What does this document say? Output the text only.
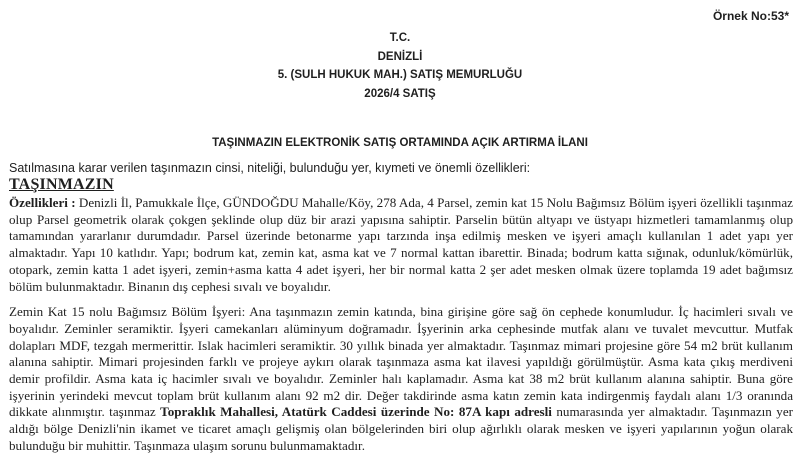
Örnek No:53*
T.C.
DENİZLİ
5. (SULH HUKUK MAH.) SATIŞ MEMURLUĞU
2026/4 SATIŞ
TAŞINMAZIN ELEKTRONİK SATIŞ ORTAMINDA AÇIK ARTIRMA İLANI
Satılmasına karar verilen taşınmazın cinsi, niteliği, bulunduğu yer, kıymeti ve önemli özellikleri:
TAŞINMAZIN

Özellikleri : Denizli İl, Pamukkale İlçe, GÜNDOĞDU Mahalle/Köy, 278 Ada, 4 Parsel, zemin kat 15 Nolu Bağımsız Bölüm işyeri özellikli taşınmaz olup Parsel geometrik olarak çokgen şeklinde olup düz bir arazi yapısına sahiptir. Parselin bütün altyapı ve üstyapı hizmetleri tamamlanmış olup tamamından yararlanır durumdadır. Parsel üzerinde betonarme yapı tarzında inşa edilmiş mesken ve işyeri amaçlı kullanılan 1 adet yapı yer almaktadır. Yapı 10 katlıdır. Yapı; bodrum kat, zemin kat, asma kat ve 7 normal kattan ibarettir. Binada; bodrum katta sığınak, odunluk/kömürlük, otopark, zemin katta 1 adet işyeri, zemin+asma katta 4 adet işyeri, her bir normal katta 2 şer adet mesken olmak üzere toplamda 19 adet bağımsız bölüm bulunmaktadır. Binanın dış cephesi sıvalı ve boyalıdır.

Zemin Kat 15 nolu Bağımsız Bölüm İşyeri: Ana taşınmazın zemin katında, bina girişine göre sağ ön cephede konumludur. İç hacimleri sıvalı ve boyalıdır. Zeminler seramiktir. İşyeri camekanları alüminyum doğramadır. İşyerinin arka cephesinde mutfak alanı ve tuvalet mevcuttur. Mutfak dolapları MDF, tezgah mermerittir. Islak hacimleri seramiktir. 30 yıllık binada yer almaktadır. Taşınmaz mimari projesine göre 54 m2 brüt kullanım alanına sahiptir. Mimari projesinden farklı ve projeye aykırı olarak taşınmaza asma kat ilavesi yapıldığı görülmüştür. Asma kata çıkış merdiveni demir profildir. Asma kata iç hacimler sıvalı ve boyalıdır. Zeminler halı kaplamadır. Asma kat 38 m2 brüt kullanım alanına sahiptir. Buna göre işyerinin yerindeki mevcut toplam brüt kullanım alanı 92 m2 dir. Değer takdirinde asma katın zemin kata indirgenmiş faydalı alanı 1/3 oranında dikkate alınmıştır. taşınmaz Topraklık Mahallesi, Atatürk Caddesi üzerinde No: 87A kapı adresli numarasında yer almaktadır. Taşınmazın yer aldığı bölge Denizli'nin ikamet ve ticaret amaçlı gelişmiş olan bölgelerinden biri olup ağırlıklı olarak mesken ve işyeri yapılarının yoğun olarak bulunduğu bir muhittir. Taşınmaza ulaşım sorunu bulunmamaktadır.
